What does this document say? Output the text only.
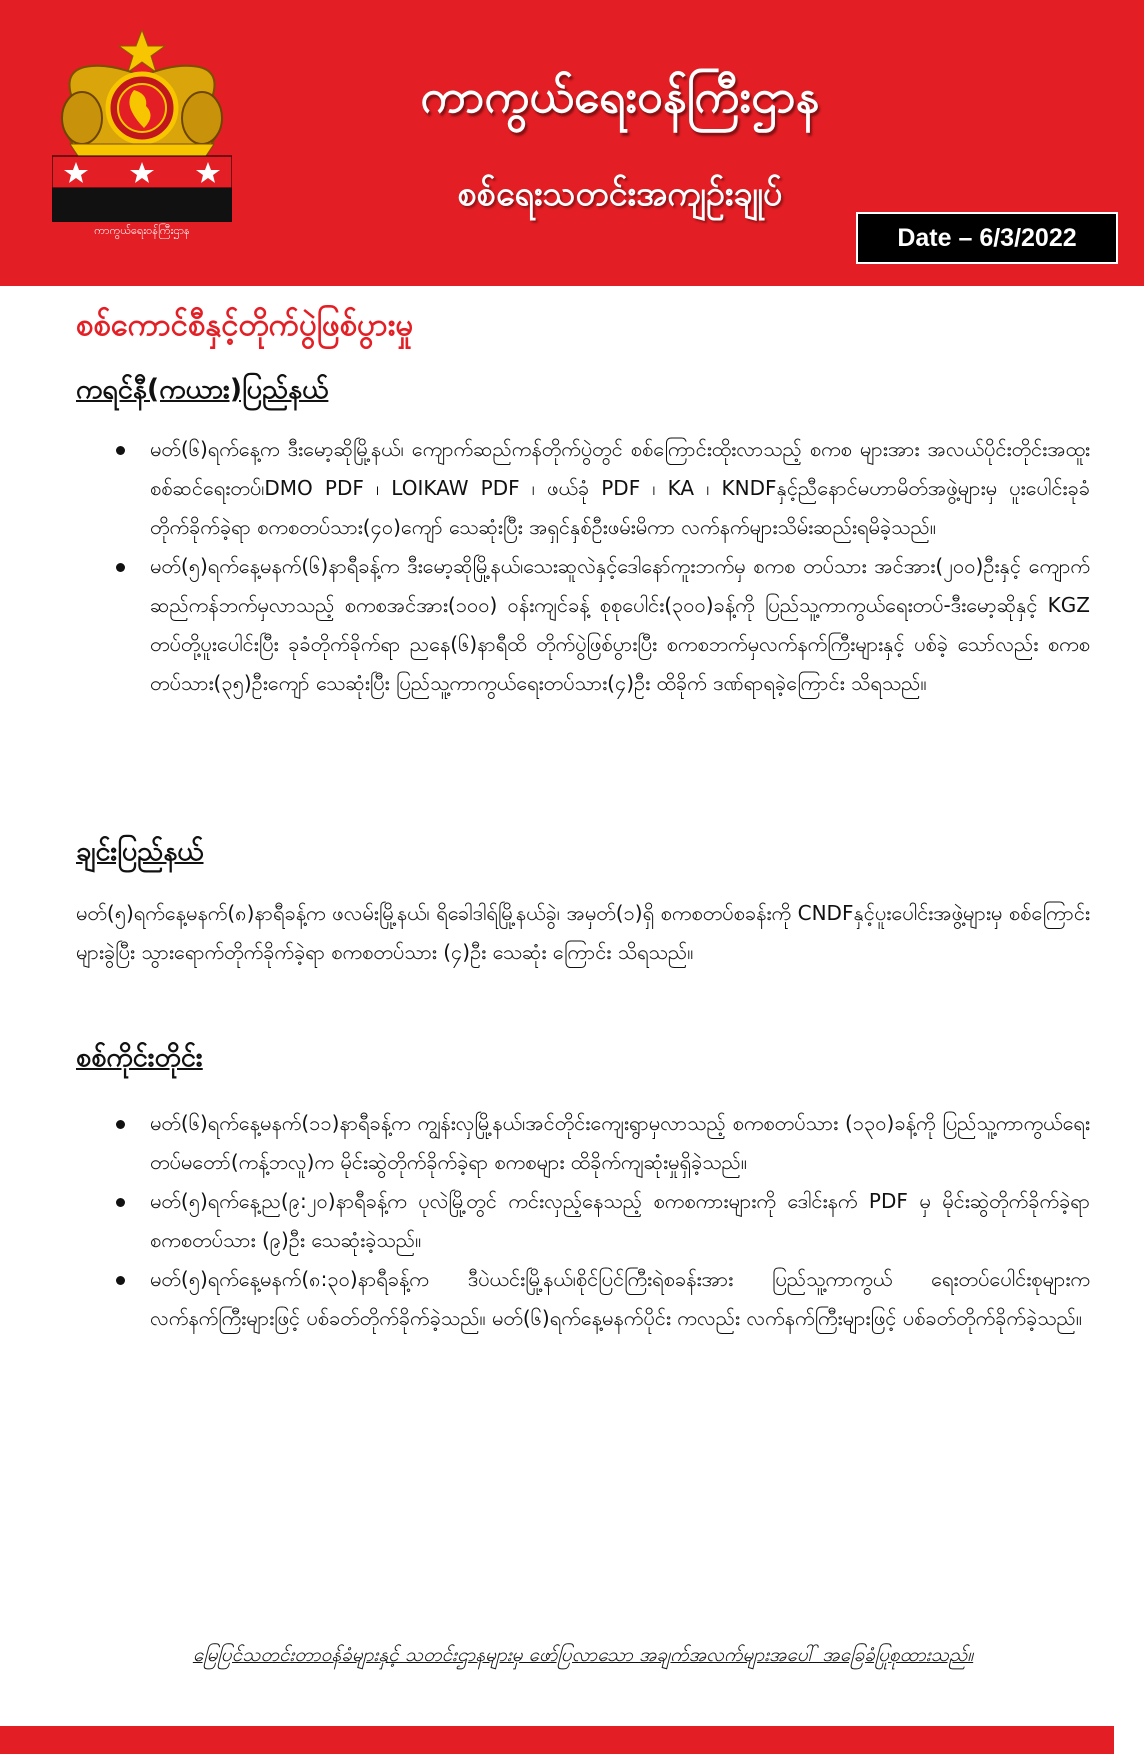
ကာကွယ်ရေးဝန်ကြီးဌာန
ကာကွယ်ရေးဝန်ကြီးဌာန
စစ်ရေးသတင်းအကျဉ်းချုပ်
Date – 6/3/2022
စစ်ကောင်စီနှင့်တိုက်ပွဲဖြစ်ပွားမှု
ကရင်နီ(ကယား)ပြည်နယ်
မတ်(၆)ရက်နေ့က ဒီးမော့ဆိုမြို့နယ်၊ ကျောက်ဆည်ကန်တိုက်ပွဲတွင် စစ်ကြောင်းထိုးလာသည့် စကစ များအား အလယ်ပိုင်းတိုင်းအထူးစစ်ဆင်ရေးတပ်၊DMO PDF ၊ LOIKAW PDF ၊ ဖယ်ခုံ PDF ၊ KA ၊ KNDFနှင့်ညီနောင်မဟာမိတ်အဖွဲ့များမှ ပူးပေါင်းခုခံတိုက်ခိုက်ခဲ့ရာ စကစတပ်သား(၄၀)ကျော် သေဆုံးပြီး အရှင်နှစ်ဦးဖမ်းမိကာ လက်နက်များသိမ်းဆည်းရမိခဲ့သည်။
မတ်(၅)ရက်နေ့မနက်(၆)နာရီခန့်က ဒီးမော့ဆိုမြို့နယ်၊သေးဆူလဲနှင့်ဒေါနော်ကူးဘက်မှ စကစ တပ်သား အင်အား(၂၀၀)ဦးနှင့် ကျောက်ဆည်ကန်ဘက်မှလာသည့် စကစအင်အား(၁၀၀) ဝန်းကျင်ခန့် စုစုပေါင်း(၃၀၀)ခန့်ကို ပြည်သူ့ကာကွယ်ရေးတပ်-ဒီးမော့ဆိုနှင့် KGZ တပ်တို့ပူးပေါင်းပြီး ခုခံတိုက်ခိုက်ရာ ညနေ(၆)နာရီထိ တိုက်ပွဲဖြစ်ပွားပြီး စကစဘက်မှလက်နက်ကြီးများနှင့် ပစ်ခဲ့ သော်လည်း စကစတပ်သား(၃၅)ဦးကျော် သေဆုံးပြီး ပြည်သူ့ကာကွယ်ရေးတပ်သား(၄)ဦး ထိခိုက် ဒဏ်ရာရခဲ့ကြောင်း သိရသည်။
ချင်းပြည်နယ်
မတ်(၅)ရက်နေ့မနက်(၈)နာရီခန့်က ဖလမ်းမြို့နယ်၊ ရိခေါဒါရ်မြို့နယ်ခွဲ၊ အမှတ်(၁)ရှိ စကစတပ်စခန်းကို CNDFနှင့်ပူးပေါင်းအဖွဲ့များမှ စစ်ကြောင်းများခွဲပြီး သွားရောက်တိုက်ခိုက်ခဲ့ရာ စကစတပ်သား (၄)ဦး သေဆုံး ကြောင်း သိရသည်။
စစ်ကိုင်းတိုင်း
မတ်(၆)ရက်နေ့မနက်(၁၁)နာရီခန့်က ကျွန်းလှမြို့နယ်၊အင်တိုင်းကျေးရွာမှလာသည့် စကစတပ်သား (၁၃၀)ခန့်ကို ပြည်သူ့ကာကွယ်ရေးတပ်မတော်(ကန့်ဘလူ)က မိုင်းဆွဲတိုက်ခိုက်ခဲ့ရာ စကစများ ထိခိုက်ကျဆုံးမှုရှိခဲ့သည်။
မတ်(၅)ရက်နေ့ည(၉:၂၀)နာရီခန့်က ပုလဲမြို့တွင် ကင်းလှည့်နေသည့် စကစကားများကို ဒေါင်းနက် PDF မှ မိုင်းဆွဲတိုက်ခိုက်ခဲ့ရာ စကစတပ်သား (၉)ဦး သေဆုံးခဲ့သည်။
မတ်(၅)ရက်နေ့မနက်(၈:၃၀)နာရီခန့်က ဒီပဲယင်းမြို့နယ်၊စိုင်ပြင်ကြီးရဲစခန်းအား ပြည်သူ့ကာကွယ် ရေးတပ်ပေါင်းစုများက လက်နက်ကြီးများဖြင့် ပစ်ခတ်တိုက်ခိုက်ခဲ့သည်။ မတ်(၆)ရက်နေ့မနက်ပိုင်း ကလည်း လက်နက်ကြီးများဖြင့် ပစ်ခတ်တိုက်ခိုက်ခဲ့သည်။
မြေပြင်သတင်းတာဝန်ခံများနှင့် သတင်းဌာနများမှ ဖော်ပြလာသော အချက်အလက်များအပေါ် အခြေခံပြုစုထားသည်။
